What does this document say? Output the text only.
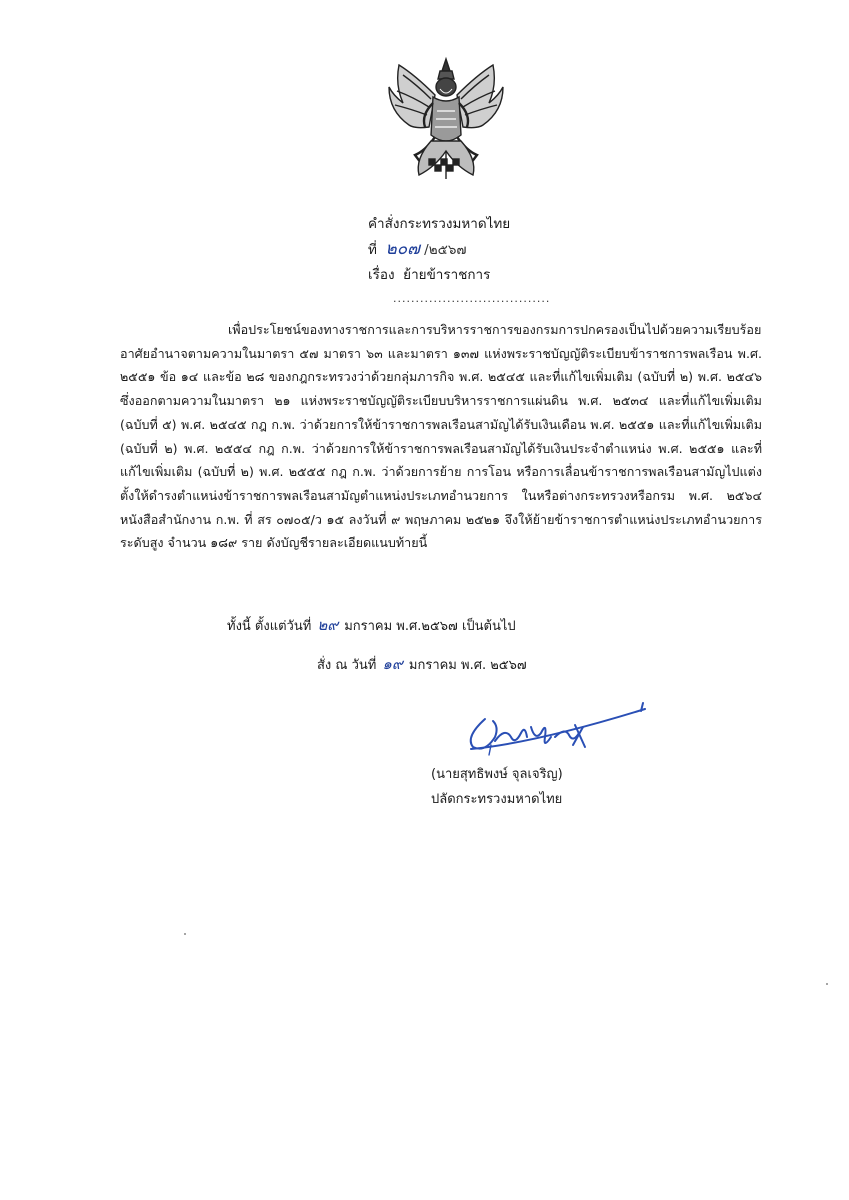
คำสั่งกระทรวงมหาดไทย
ที่ ๒๐๗ /๒๕๖๗
เรื่อง ย้ายข้าราชการ
...................................

เพื่อประโยชน์ของทางราชการและการบริหารราชการของกรมการปกครองเป็นไปด้วยความเรียบร้อย อาศัยอำนาจตามความในมาตรา ๕๗ มาตรา ๖๓ และมาตรา ๑๓๗ แห่งพระราชบัญญัติระเบียบข้าราชการพลเรือน พ.ศ. ๒๕๕๑ ข้อ ๑๔ และข้อ ๒๘ ของกฎกระทรวงว่าด้วยกลุ่มภารกิจ พ.ศ. ๒๕๔๕ และที่แก้ไขเพิ่มเติม (ฉบับที่ ๒) พ.ศ. ๒๕๔๖ ซึ่งออกตามความในมาตรา ๒๑ แห่งพระราชบัญญัติระเบียบบริหารราชการแผ่นดิน พ.ศ. ๒๕๓๔ และที่แก้ไขเพิ่มเติม (ฉบับที่ ๕) พ.ศ. ๒๕๔๕ กฎ ก.พ. ว่าด้วยการให้ข้าราชการพลเรือนสามัญได้รับเงินเดือน พ.ศ. ๒๕๕๑ และที่แก้ไขเพิ่มเติม (ฉบับที่ ๒) พ.ศ. ๒๕๕๔ กฎ ก.พ. ว่าด้วยการให้ข้าราชการพลเรือนสามัญได้รับเงินประจำตำแหน่ง พ.ศ. ๒๕๕๑ และที่แก้ไขเพิ่มเติม (ฉบับที่ ๒) พ.ศ. ๒๕๕๕ กฎ ก.พ. ว่าด้วยการย้าย การโอน หรือการเลื่อนข้าราชการพลเรือนสามัญไปแต่งตั้งให้ดำรงตำแหน่งข้าราชการพลเรือนสามัญตำแหน่งประเภทอำนวยการ ในหรือต่างกระทรวงหรือกรม พ.ศ. ๒๕๖๔ หนังสือสำนักงาน ก.พ. ที่ สร ๐๗๐๕/ว ๑๕ ลงวันที่ ๙ พฤษภาคม ๒๕๒๑ จึงให้ย้ายข้าราชการตำแหน่งประเภทอำนวยการ ระดับสูง จำนวน ๑๘๙ ราย ดังบัญชีรายละเอียดแนบท้ายนี้

ทั้งนี้ ตั้งแต่วันที่ ๒๙ มกราคม พ.ศ.๒๕๖๗ เป็นต้นไป
สั่ง ณ วันที่ ๑๙ มกราคม พ.ศ. ๒๕๖๗
(นายสุทธิพงษ์ จุลเจริญ)
ปลัดกระทรวงมหาดไทย
